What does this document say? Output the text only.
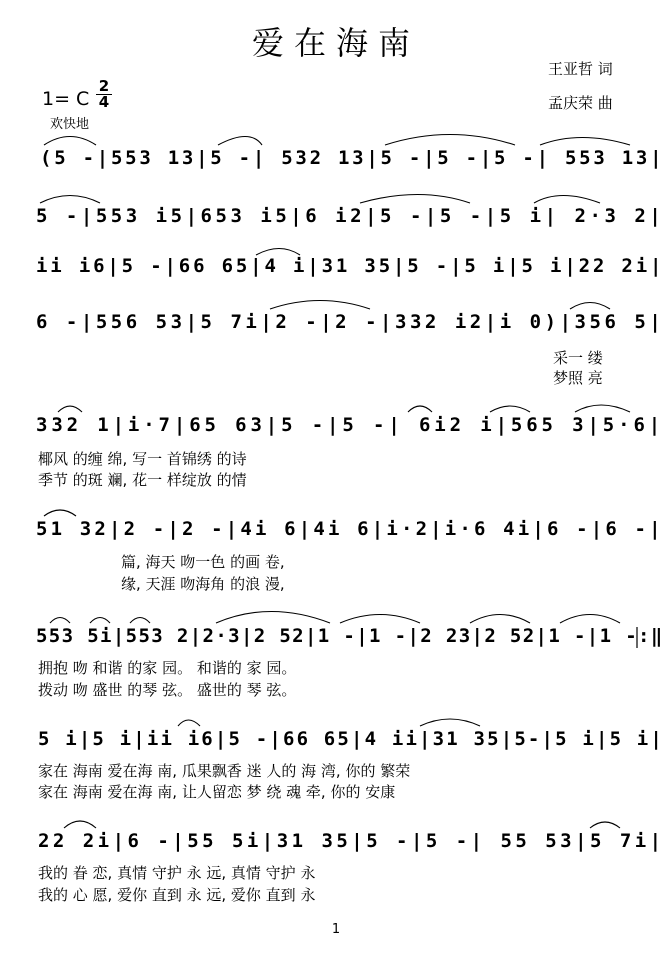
爱在海南
王亚哲 词
孟庆荣 曲
1= C
2
4
欢快地
(5 -|553 13|5 -| 532 13|5 -|5 -|5 -| 553 13|
5 -|553 i5|653 i5|6 i2|5 -|5 -|5 i| 2·3 2|
ii i6|5 -|66 65|4 i|31 35|5 -|5 i|5 i|22 2i|
6 -|556 53|5 7i|2 -|2 -|332 i2|i 0)|356 5|
采一 缕
梦照 亮
332 1|i·7|65 63|5 -|5 -| 6i2 i|565 3|5·6|
椰风 的缠 绵, 写一 首锦绣 的诗
季节 的斑 斓, 花一 样绽放 的情
51 32|2 -|2 -|4i 6|4i 6|i·2|i·6 4i|6 -|6 -|
篇, 海天 吻一色 的画 卷,
缘, 天涯 吻海角 的浪 漫,
553 5i|553 2|2·3|2 52|1 -|1 -|2 23|2 52|1 -|1 -:‖
拥抱 吻 和谐 的家 园。 和谐的 家 园。
拨动 吻 盛世 的琴 弦。 盛世的 琴 弦。
5 i|5 i|ii i6|5 -|66 65|4 ii|31 35|5-|5 i|5 i|
家在 海南 爱在海 南, 瓜果飘香 迷 人的 海 湾, 你的 繁荣
家在 海南 爱在海 南, 让人留恋 梦 绕 魂 牵, 你的 安康
22 2i|6 -|55 5i|31 35|5 -|5 -| 55 53|5 7i|
我的 眷 恋, 真情 守护 永 远, 真情 守护 永
我的 心 愿, 爱你 直到 永 远, 爱你 直到 永
1
